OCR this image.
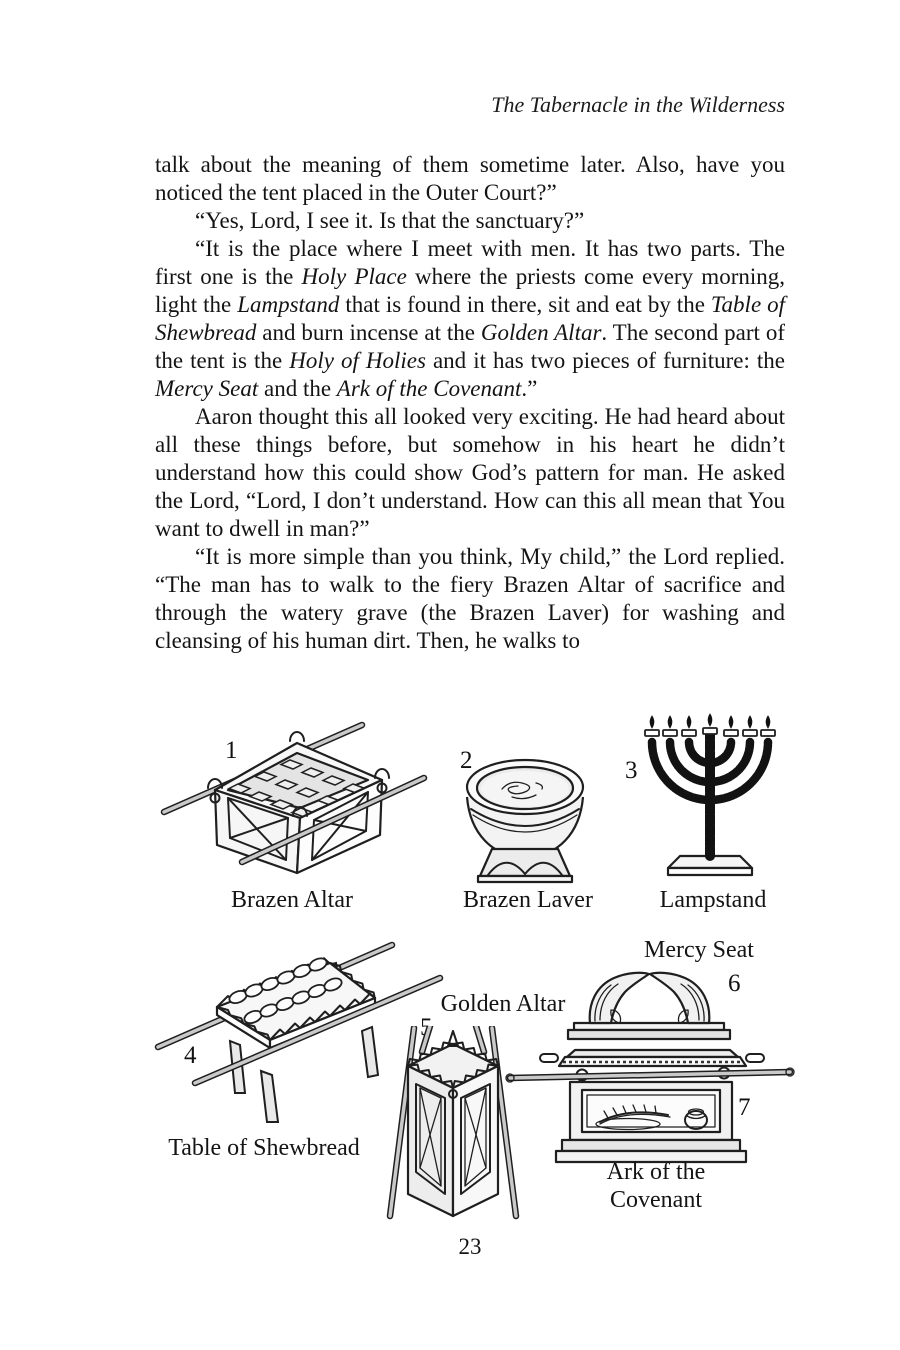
The Tabernacle in the Wilderness

talk about the meaning of them sometime later. Also, have you noticed the tent placed in the Outer Court?”

“Yes, Lord, I see it. Is that the sanctuary?”

“It is the place where I meet with men. It has two parts. The first one is the Holy Place where the priests come every morning, light the Lampstand that is found in there, sit and eat by the Table of Shewbread and burn incense at the Golden Altar. The second part of the tent is the Holy of Holies and it has two pieces of furniture: the Mercy Seat and the Ark of the Covenant.”

Aaron thought this all looked very exciting. He had heard about all these things before, but somehow in his heart he didn’t understand how this could show God’s pattern for man. He asked the Lord, “Lord, I don’t understand. How can this all mean that You want to dwell in man?”

“It is more simple than you think, My child,” the Lord replied. “The man has to walk to the fiery Brazen Altar of sacrifice and through the watery grave (the Brazen Laver) for washing and cleansing of his human dirt. Then, he walks to

1
Brazen Altar
2
Brazen Laver
3
Lampstand
4
Table of Shewbread
Golden Altar
5
Mercy Seat
6
7
Ark of the Covenant
23
